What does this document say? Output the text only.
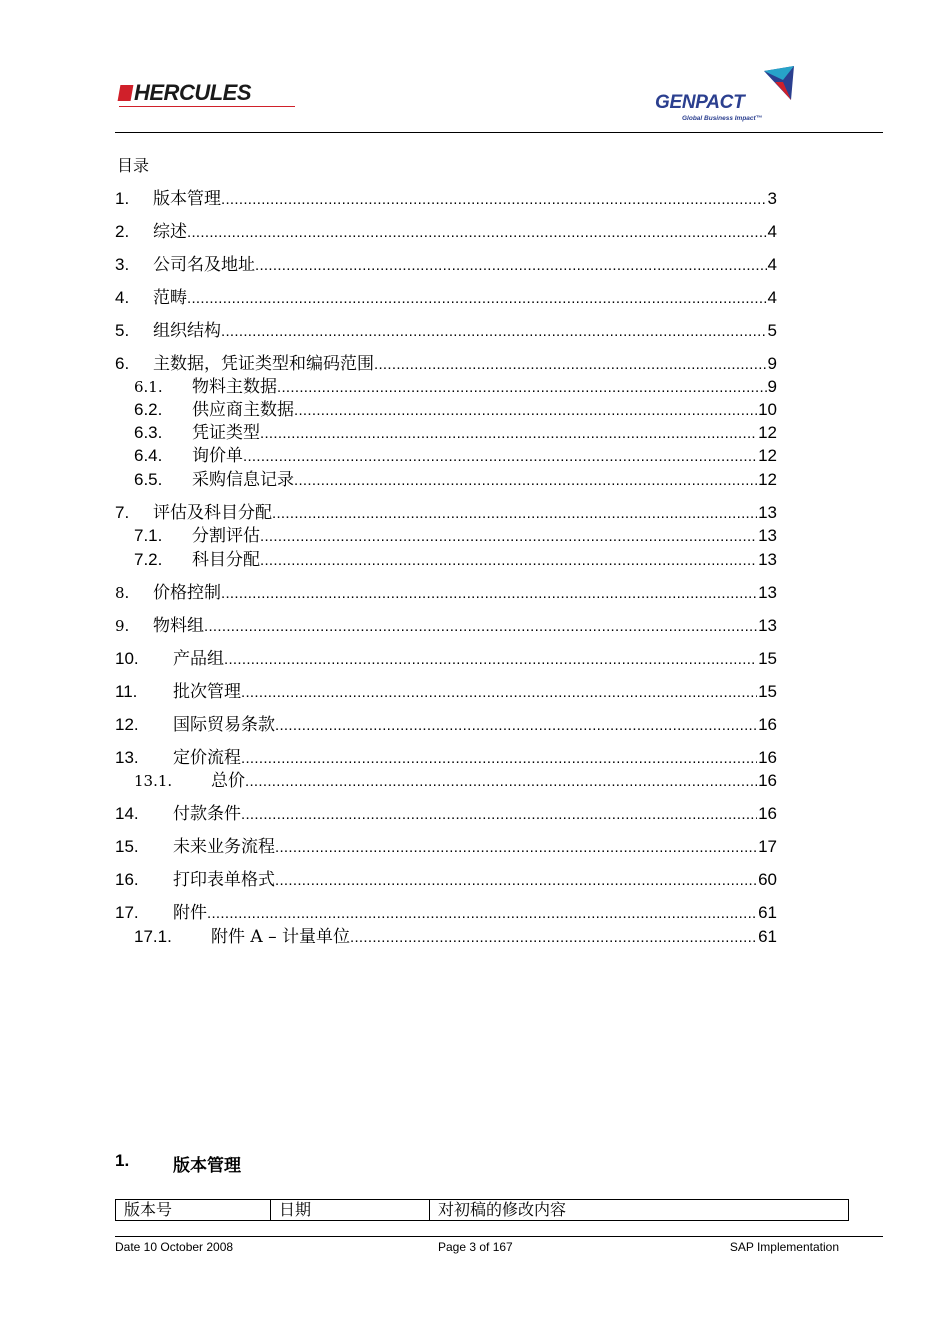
HERCULES	GENPACT
Global Business Impact™
目录
1.	版本管理 .....	3
2.	综述 .....	4
3.	公司名及地址 .....	4
4.	范畴 .....	4
5.	组织结构 .....	5
6.	主数据，凭证类型和编码范围 .....	9
6.1.	物料主数据 .....	9
6.2.	供应商主数据 .....	10
6.3.	凭证类型 .....	12
6.4.	询价单 .....	12
6.5.	采购信息记录 .....	12
7.	评估及科目分配 .....	13
7.1.	分割评估 .....	13
7.2.	科目分配 .....	13
8.	价格控制 .....	13
9.	物料组 .....	13
10.	产品组 .....	15
11.	批次管理 .....	15
12.	国际贸易条款 .....	16
13.	定价流程 .....	16
13.1.	总价 .....	16
14.	付款条件 .....	16
15.	未来业务流程 .....	17
16.	打印表单格式 .....	60
17.	附件 .....	61
17.1.	附件 A – 计量单位 .....	61
1.	版本管理
版本号	日期	对初稿的修改内容
Date 10 October 2008	Page 3 of 167	SAP Implementation
